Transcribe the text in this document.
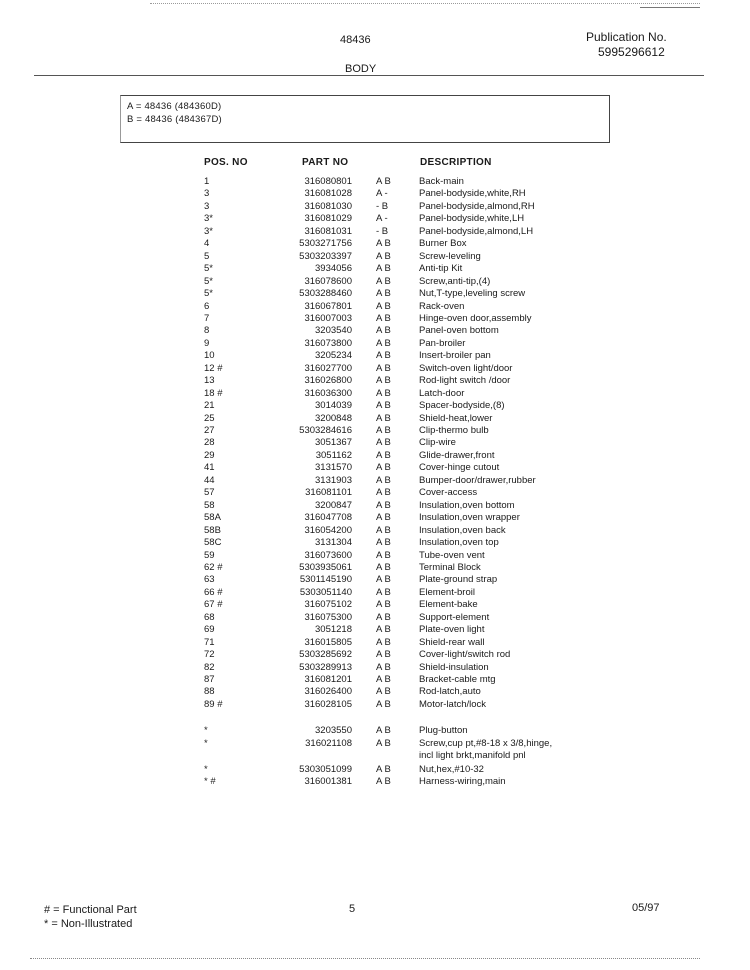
48436	Publication No.
5995296612
BODY
A = 48436 (484360D)
B = 48436 (484367D)
POS. NO	PART NO	DESCRIPTION
1	316080801	A B	Back-main
3	316081028	A -	Panel-bodyside,white,RH
3	316081030	- B	Panel-bodyside,almond,RH
3*	316081029	A -	Panel-bodyside,white,LH
3*	316081031	- B	Panel-bodyside,almond,LH
4	5303271756	A B	Burner Box
5	5303203397	A B	Screw-leveling
5*	3934056	A B	Anti-tip Kit
5*	316078600	A B	Screw,anti-tip,(4)
5*	5303288460	A B	Nut,T-type,leveling screw
6	316067801	A B	Rack-oven
7	316007003	A B	Hinge-oven door,assembly
8	3203540	A B	Panel-oven bottom
9	316073800	A B	Pan-broiler
10	3205234	A B	Insert-broiler pan
12 #	316027700	A B	Switch-oven light/door
13	316026800	A B	Rod-light switch /door
18 #	316036300	A B	Latch-door
21	3014039	A B	Spacer-bodyside,(8)
25	3200848	A B	Shield-heat,lower
27	5303284616	A B	Clip-thermo bulb
28	3051367	A B	Clip-wire
29	3051162	A B	Glide-drawer,front
41	3131570	A B	Cover-hinge cutout
44	3131903	A B	Bumper-door/drawer,rubber
57	316081101	A B	Cover-access
58	3200847	A B	Insulation,oven bottom
58A	316047708	A B	Insulation,oven wrapper
58B	316054200	A B	Insulation,oven back
58C	3131304	A B	Insulation,oven top
59	316073600	A B	Tube-oven vent
62 #	5303935061	A B	Terminal Block
63	5301145190	A B	Plate-ground strap
66 #	5303051140	A B	Element-broil
67 #	316075102	A B	Element-bake
68	316075300	A B	Support-element
69	3051218	A B	Plate-oven light
71	316015805	A B	Shield-rear wall
72	5303285692	A B	Cover-light/switch rod
82	5303289913	A B	Shield-insulation
87	316081201	A B	Bracket-cable mtg
88	316026400	A B	Rod-latch,auto
89 #	316028105	A B	Motor-latch/lock
*	3203550	A B	Plug-button
*	316021108	A B	Screw,cup pt,#8-18 x 3/8,hinge,
incl light brkt,manifold pnl
*	5303051099	A B	Nut,hex,#10-32
* #	316001381	A B	Harness-wiring,main
# = Functional Part
* = Non-Illustrated
5	05/97
